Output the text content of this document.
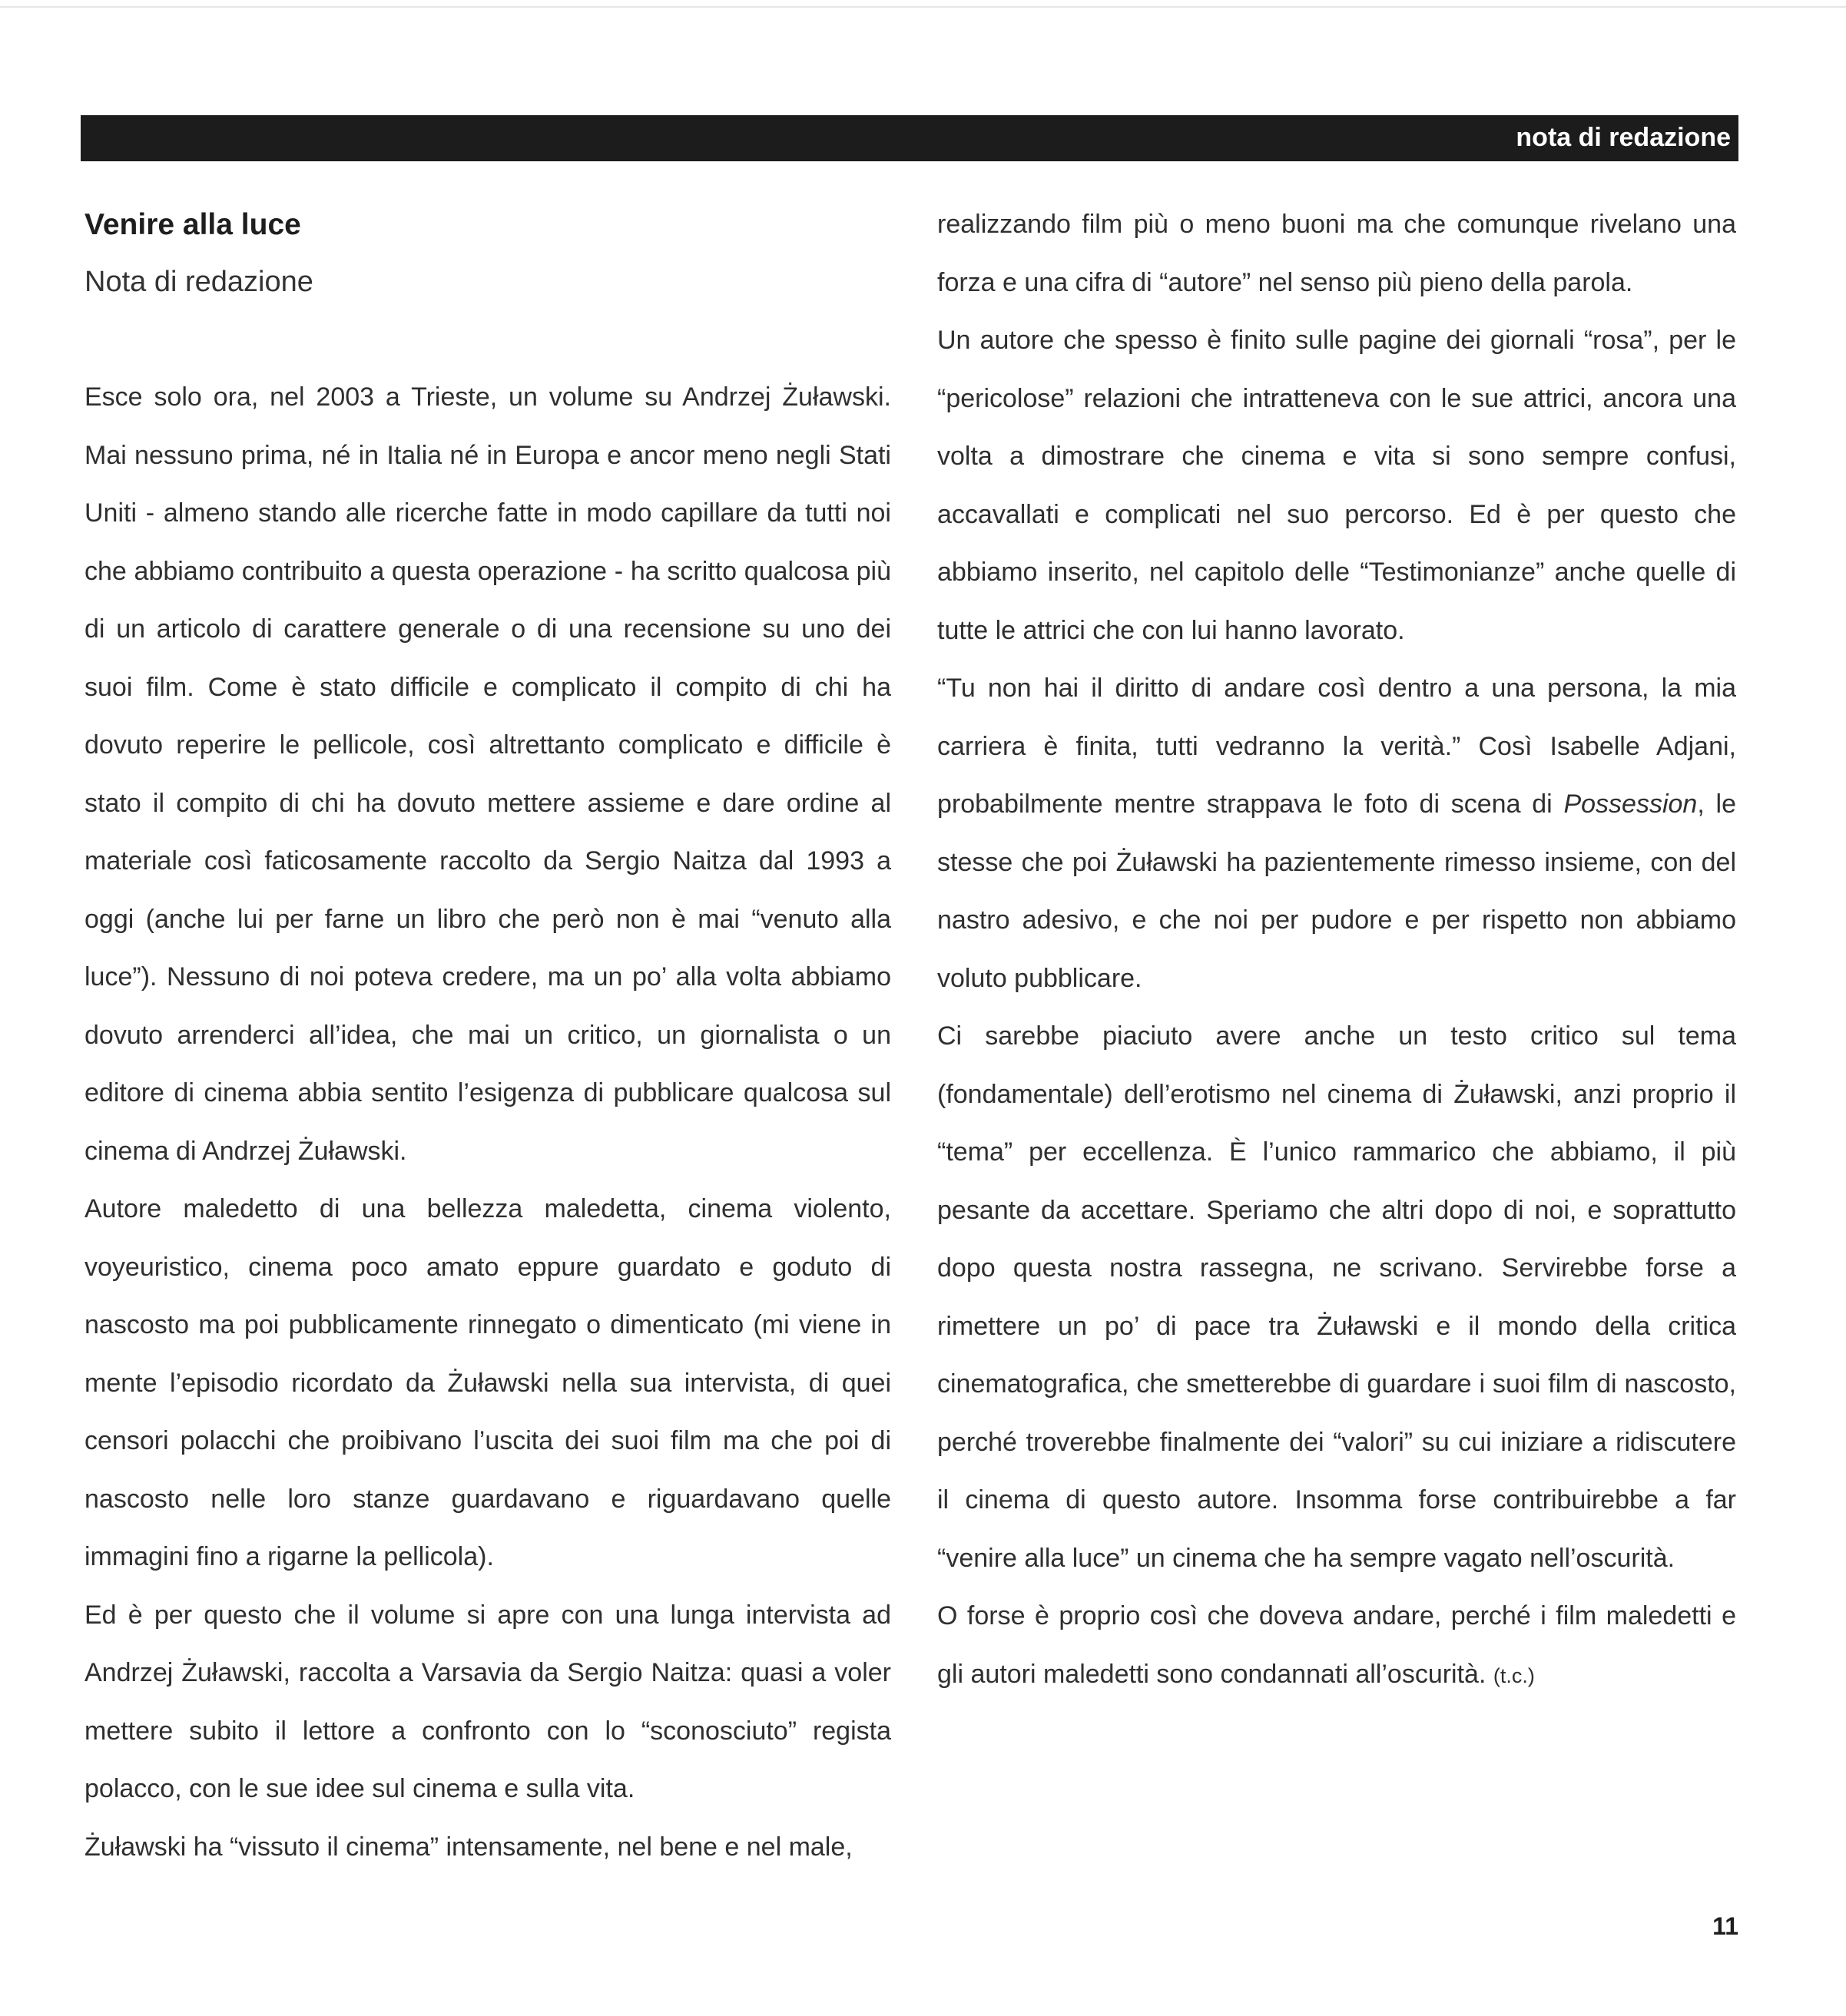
nota di redazione
Venire alla luce
Nota di redazione

Esce solo ora, nel 2003 a Trieste, un volume su Andrzej Żuławski. Mai nessuno prima, né in Italia né in Europa e ancor meno negli Stati Uniti - almeno stando alle ricerche fatte in modo capillare da tutti noi che abbiamo contribuito a questa operazione - ha scritto qualcosa più di un articolo di carattere generale o di una recensione su uno dei suoi film. Come è stato difficile e complicato il compito di chi ha dovuto reperire le pellicole, così altrettanto complicato e difficile è stato il compito di chi ha dovuto mettere assieme e dare ordine al materiale così faticosamente raccolto da Sergio Naitza dal 1993 a oggi (anche lui per farne un libro che però non è mai “venuto alla luce”). Nessuno di noi poteva credere, ma un po’ alla volta abbiamo dovuto arrenderci all’idea, che mai un critico, un giornalista o un editore di cinema abbia sentito l’esigenza di pubblicare qualcosa sul cinema di Andrzej Żuławski.

Autore maledetto di una bellezza maledetta, cinema violento, voyeuristico, cinema poco amato eppure guardato e goduto di nascosto ma poi pubblicamente rinnegato o dimenticato (mi viene in mente l’episodio ricordato da Żuławski nella sua intervista, di quei censori polacchi che proibivano l’uscita dei suoi film ma che poi di nascosto nelle loro stanze guardavano e riguardavano quelle immagini fino a rigarne la pellicola).

Ed è per questo che il volume si apre con una lunga intervista ad Andrzej Żuławski, raccolta a Varsavia da Sergio Naitza: quasi a voler mettere subito il lettore a confronto con lo “sconosciuto” regista polacco, con le sue idee sul cinema e sulla vita.

Żuławski ha “vissuto il cinema” intensamente, nel bene e nel male,

realizzando film più o meno buoni ma che comunque rivelano una forza e una cifra di “autore” nel senso più pieno della parola.

Un autore che spesso è finito sulle pagine dei giornali “rosa”, per le “pericolose” relazioni che intratteneva con le sue attrici, ancora una volta a dimostrare che cinema e vita si sono sempre confusi, accavallati e complicati nel suo percorso. Ed è per questo che abbiamo inserito, nel capitolo delle “Testimonianze” anche quelle di tutte le attrici che con lui hanno lavorato.

“Tu non hai il diritto di andare così dentro a una persona, la mia carriera è finita, tutti vedranno la verità.” Così Isabelle Adjani, probabilmente mentre strappava le foto di scena di Possession, le stesse che poi Żuławski ha pazientemente rimesso insieme, con del nastro adesivo, e che noi per pudore e per rispetto non abbiamo voluto pubblicare.

Ci sarebbe piaciuto avere anche un testo critico sul tema (fondamentale) dell’erotismo nel cinema di Żuławski, anzi proprio il “tema” per eccellenza. È l’unico rammarico che abbiamo, il più pesante da accettare. Speriamo che altri dopo di noi, e soprattutto dopo questa nostra rassegna, ne scrivano. Servirebbe forse a rimettere un po’ di pace tra Żuławski e il mondo della critica cinematografica, che smetterebbe di guardare i suoi film di nascosto, perché troverebbe finalmente dei “valori” su cui iniziare a ridiscutere il cinema di questo autore. Insomma forse contribuirebbe a far “venire alla luce” un cinema che ha sempre vagato nell’oscurità.

O forse è proprio così che doveva andare, perché i film maledetti e gli autori maledetti sono condannati all’oscurità. (t.c.)

11
